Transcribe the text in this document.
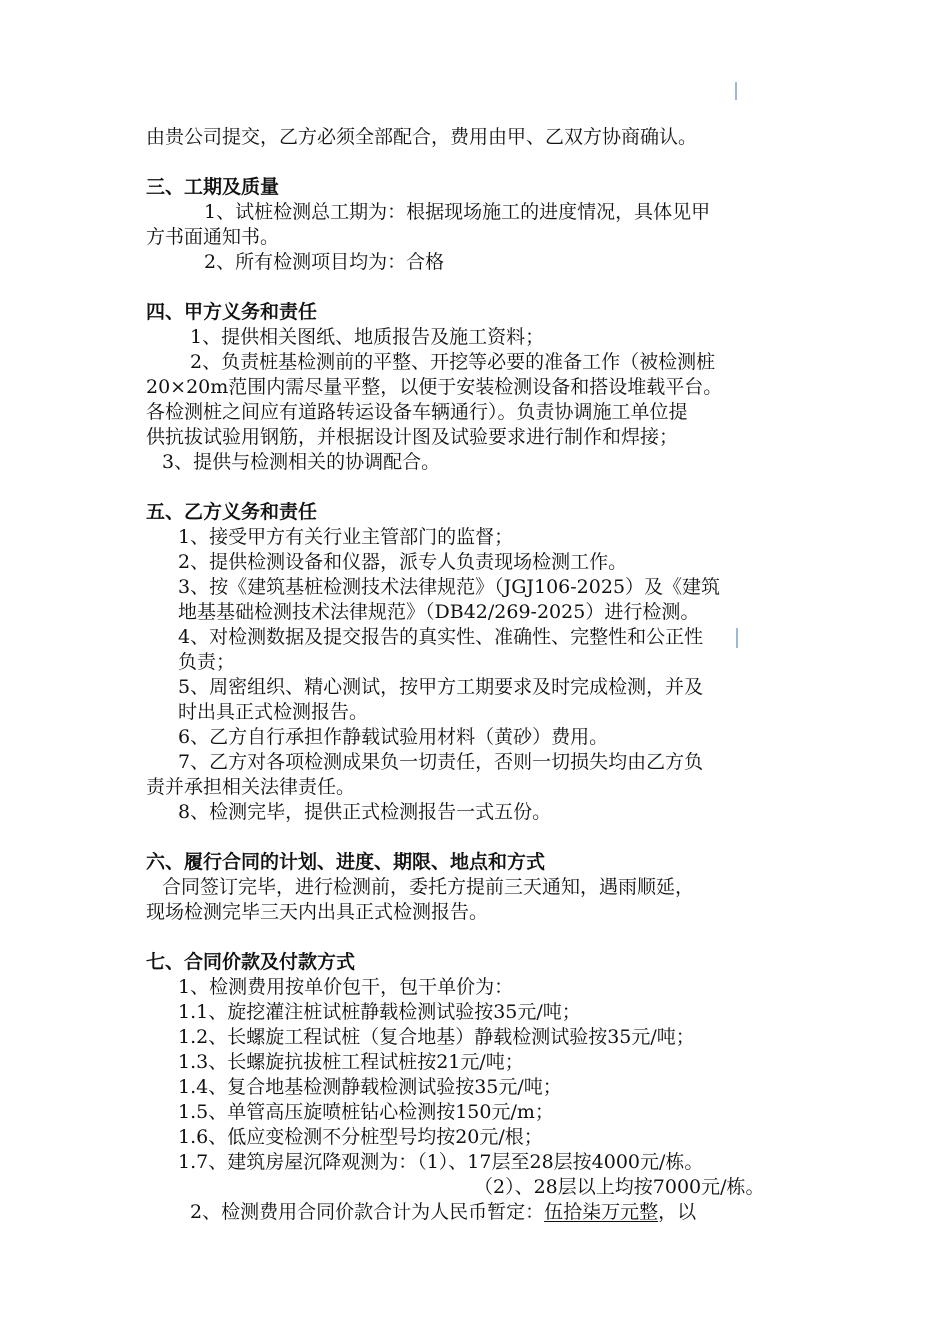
由贵公司提交，乙方必须全部配合，费用由甲、乙双方协商确认。
三、工期及质量
1、试桩检测总工期为：根据现场施工的进度情况，具体见甲
方书面通知书。
2、所有检测项目均为：合格
四、甲方义务和责任
1、提供相关图纸、地质报告及施工资料；
2、负责桩基检测前的平整、开挖等必要的准备工作（被检测桩
20×20m范围内需尽量平整，以便于安装检测设备和搭设堆载平台。
各检测桩之间应有道路转运设备车辆通行）。负责协调施工单位提
供抗拔试验用钢筋，并根据设计图及试验要求进行制作和焊接；
3、提供与检测相关的协调配合。
五、乙方义务和责任
1、接受甲方有关行业主管部门的监督；
2、提供检测设备和仪器，派专人负责现场检测工作。
3、按《建筑基桩检测技术法律规范》（JGJ106-2025）及《建筑
地基基础检测技术法律规范》（DB42/269-2025）进行检测。
4、对检测数据及提交报告的真实性、准确性、完整性和公正性
负责；
5、周密组织、精心测试，按甲方工期要求及时完成检测，并及
时出具正式检测报告。
6、乙方自行承担作静载试验用材料（黄砂）费用。
7、乙方对各项检测成果负一切责任，否则一切损失均由乙方负
责并承担相关法律责任。
8、检测完毕，提供正式检测报告一式五份。
六、履行合同的计划、进度、期限、地点和方式
合同签订完毕，进行检测前，委托方提前三天通知，遇雨顺延，
现场检测完毕三天内出具正式检测报告。
七、合同价款及付款方式
1、检测费用按单价包干，包干单价为：
1.1、旋挖灌注桩试桩静载检测试验按35元/吨；
1.2、长螺旋工程试桩（复合地基）静载检测试验按35元/吨；
1.3、长螺旋抗拔桩工程试桩按21元/吨；
1.4、复合地基检测静载检测试验按35元/吨；
1.5、单管高压旋喷桩钻心检测按150元/m；
1.6、低应变检测不分桩型号均按20元/根；
1.7、建筑房屋沉降观测为：（1）、17层至28层按4000元/栋。
（2）、28层以上均按7000元/栋。
2、检测费用合同价款合计为人民币暂定：伍拾柒万元整，以
